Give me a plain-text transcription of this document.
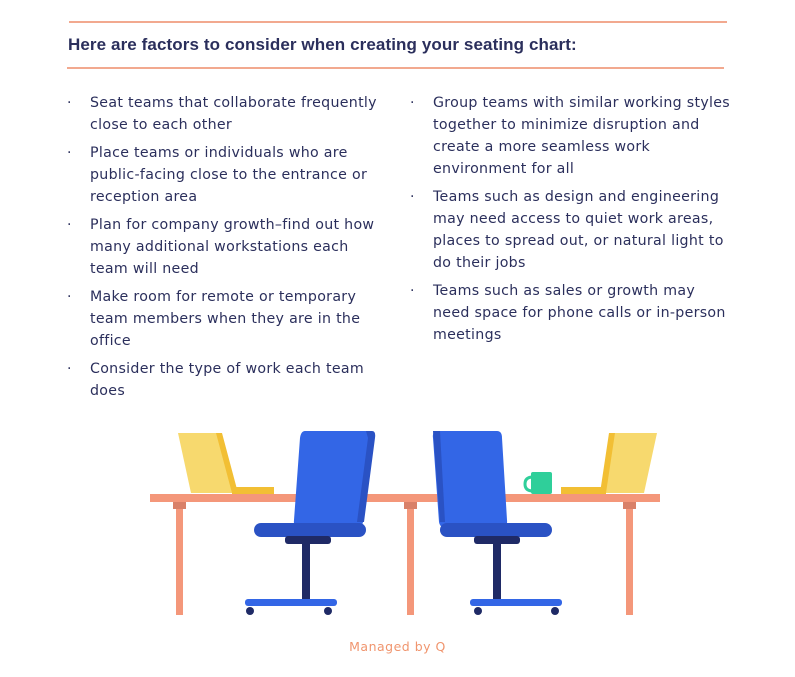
Here are factors to consider when creating your seating chart:
· Seat teams that collaborate frequently close to each other
· Place teams or individuals who are public-facing close to the entrance or reception area
· Plan for company growth–find out how many additional workstations each team will need
· Make room for remote or temporary team members when they are in the office
· Consider the type of work each team does
· Group teams with similar working styles together to minimize disruption and create a more seamless work environment for all
· Teams such as design and engineering may need access to quiet work areas, places to spread out, or natural light to do their jobs
· Teams such as sales or growth may need space for phone calls or in-person meetings
Managed by Q
